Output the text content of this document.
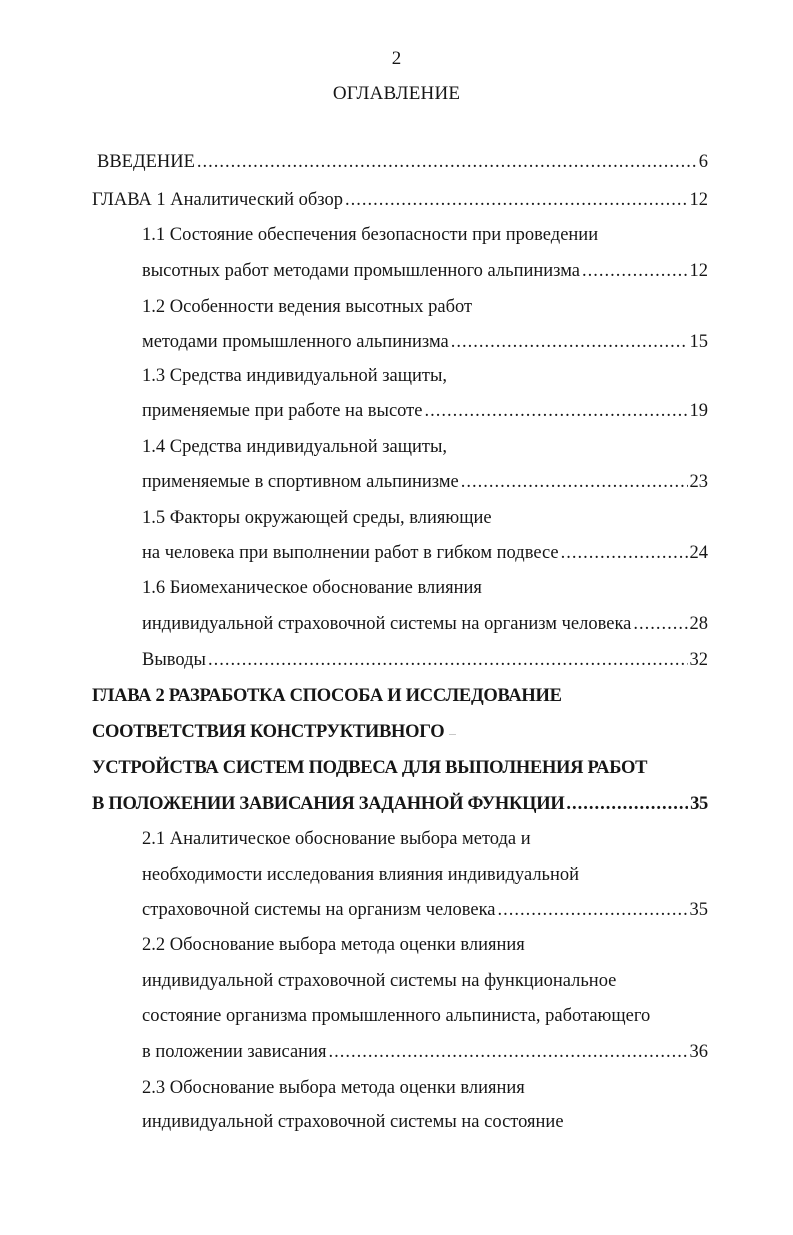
2
ОГЛАВЛЕНИЕ
ВВЕДЕНИЕ .....	6
ГЛАВА 1 Аналитический обзор .....	12
1.1 Состояние обеспечения безопасности при проведении
высотных работ методами промышленного альпинизма .....	12
1.2 Особенности ведения высотных работ
методами промышленного альпинизма .....	15
1.3 Средства индивидуальной защиты,
применяемые при работе на высоте .....	19
1.4 Средства индивидуальной защиты,
применяемые в спортивном альпинизме .....	23
1.5 Факторы окружающей среды, влияющие
на человека при выполнении работ в гибком подвесе .....	24
1.6 Биомеханическое обоснование влияния
индивидуальной страховочной системы на организм человека .....	28
Выводы .....	32
ГЛАВА 2 РАЗРАБОТКА СПОСОБА И ИССЛЕДОВАНИЕ
СООТВЕТСТВИЯ КОНСТРУКТИВНОГО
УСТРОЙСТВА СИСТЕМ ПОДВЕСА ДЛЯ ВЫПОЛНЕНИЯ РАБОТ
В ПОЛОЖЕНИИ ЗАВИСАНИЯ ЗАДАННОЙ ФУНКЦИИ .....	35
2.1 Аналитическое обоснование выбора метода и
необходимости исследования влияния индивидуальной
страховочной системы на организм человека .....	35
2.2 Обоснование выбора метода оценки влияния
индивидуальной страховочной системы на функциональное
состояние организма промышленного альпиниста, работающего
в положении зависания .....	36
2.3 Обоснование выбора метода оценки влияния
индивидуальной страховочной системы на состояние
